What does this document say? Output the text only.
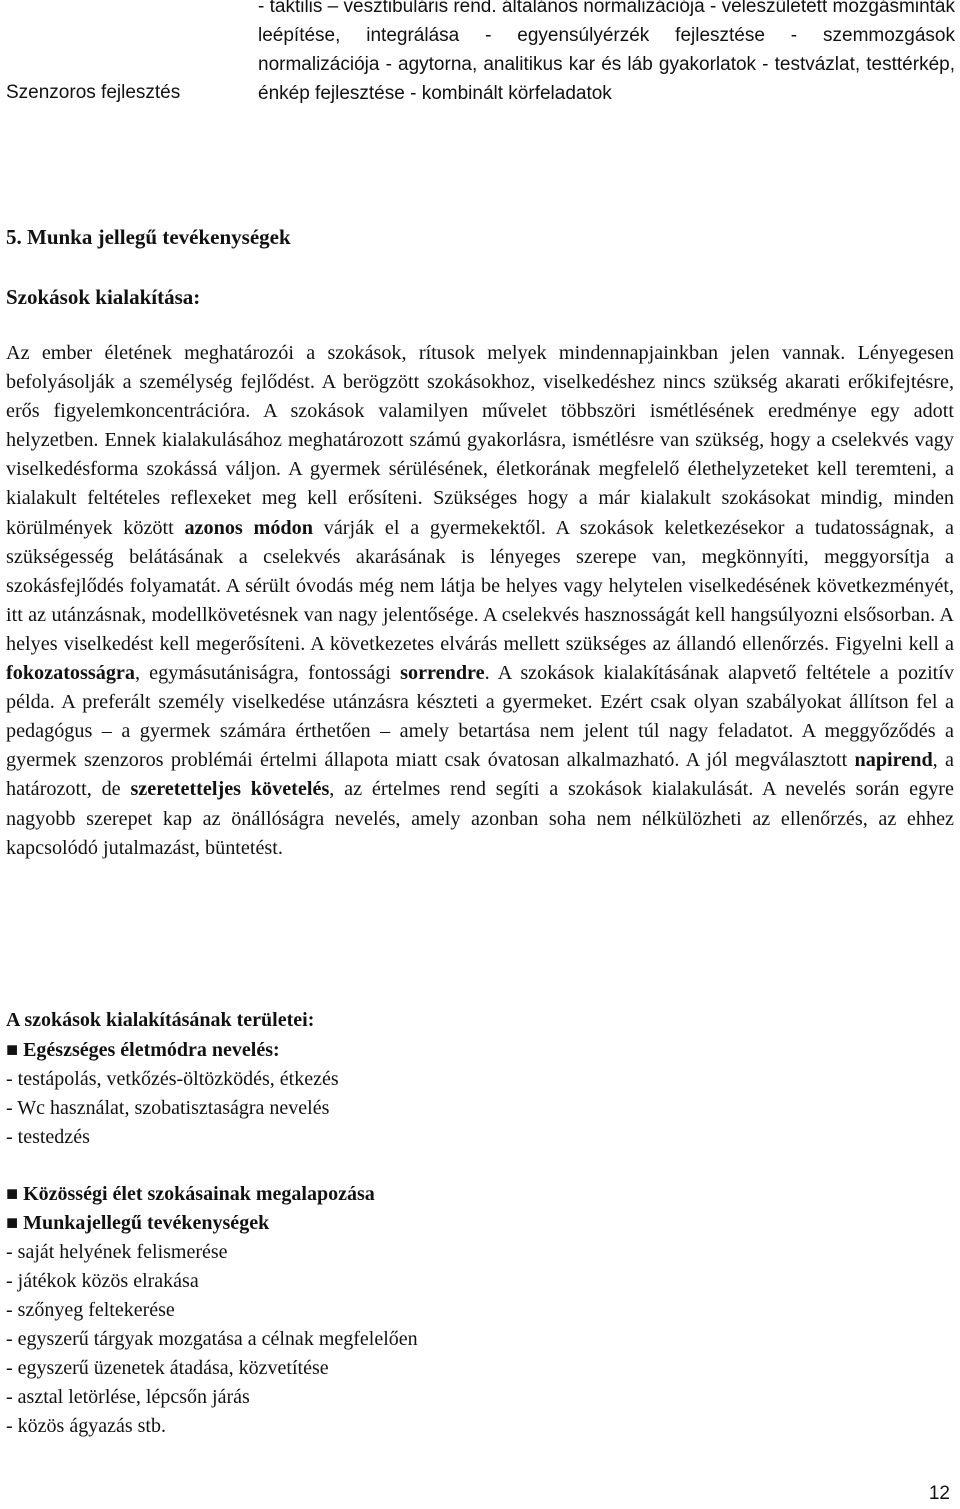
Szenzoros fejlesztés
- taktilis – vesztibuláris rend. általános normalizációja - veleszületett mozgásminták leépítése, integrálása - egyensúlyérzék fejlesztése - szemmozgások normalizációja - agytorna, analitikus kar és láb gyakorlatok - testvázlat, testtérkép, énkép fejlesztése - kombinált körfeladatok
5. Munka jellegű tevékenységek
Szokások kialakítása:
Az ember életének meghatározói a szokások, rítusok melyek mindennapjainkban jelen vannak. Lényegesen befolyásolják a személység fejlődést. A berögzött szokásokhoz, viselkedéshez nincs szükség akarati erőkifejtésre, erős figyelemkoncentrációra. A szokások valamilyen művelet többszöri ismétlésének eredménye egy adott helyzetben. Ennek kialakulásához meghatározott számú gyakorlásra, ismétlésre van szükség, hogy a cselekvés vagy viselkedésforma szokássá váljon. A gyermek sérülésének, életkorának megfelelő élethelyzeteket kell teremteni, a kialakult feltételes reflexeket meg kell erősíteni. Szükséges hogy a már kialakult szokásokat mindig, minden körülmények között azonos módon várják el a gyermekektől. A szokások keletkezésekor a tudatosságnak, a szükségesség belátásának a cselekvés akarásának is lényeges szerepe van, megkönnyíti, meggyorsítja a szokásfejlődés folyamatát. A sérült óvodás még nem látja be helyes vagy helytelen viselkedésének következményét, itt az utánzásnak, modellkövetésnek van nagy jelentősége. A cselekvés hasznosságát kell hangsúlyozni elsősorban. A helyes viselkedést kell megerősíteni. A következetes elvárás mellett szükséges az állandó ellenőrzés. Figyelni kell a fokozatosságra, egymásutániságra, fontossági sorrendre. A szokások kialakításának alapvető feltétele a pozitív példa. A preferált személy viselkedése utánzásra készteti a gyermeket. Ezért csak olyan szabályokat állítson fel a pedagógus – a gyermek számára érthetően – amely betartása nem jelent túl nagy feladatot. A meggyőződés a gyermek szenzoros problémái értelmi állapota miatt csak óvatosan alkalmazható. A jól megválasztott napirend, a határozott, de szeretetteljes követelés, az értelmes rend segíti a szokások kialakulását. A nevelés során egyre nagyobb szerepet kap az önállóságra nevelés, amely azonban soha nem nélkülözheti az ellenőrzés, az ehhez kapcsolódó jutalmazást, büntetést.
A szokások kialakításának területei:
■ Egészséges életmódra nevelés:
- testápolás, vetkőzés-öltözködés, étkezés
- Wc használat, szobatisztaságra nevelés
- testedzés
■ Közösségi élet szokásainak megalapozása
■ Munkajellegű tevékenységek
- saját helyének felismerése
- játékok közös elrakása
- szőnyeg feltekerése
- egyszerű tárgyak mozgatása a célnak megfelelően
- egyszerű üzenetek átadása, közvetítése
- asztal letörlése, lépcsőn járás
- közös ágyazás stb.
12
